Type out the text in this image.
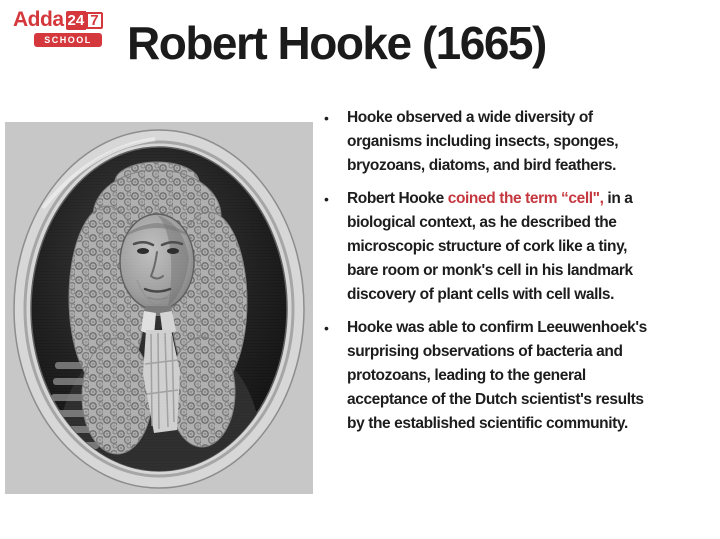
Adda 24 7
SCHOOL Robert Hooke (1665)
•	Hooke observed a wide diversity of
organisms including insects, sponges,
bryozoans, diatoms, and bird feathers.
•	Robert Hooke coined the term “cell", in a
biological context, as he described the
microscopic structure of cork like a tiny,
bare room or monk's cell in his landmark
discovery of plant cells with cell walls.
•	Hooke was able to confirm Leeuwenhoek's
surprising observations of bacteria and
protozoans, leading to the general
acceptance of the Dutch scientist's results
by the established scientific community.
